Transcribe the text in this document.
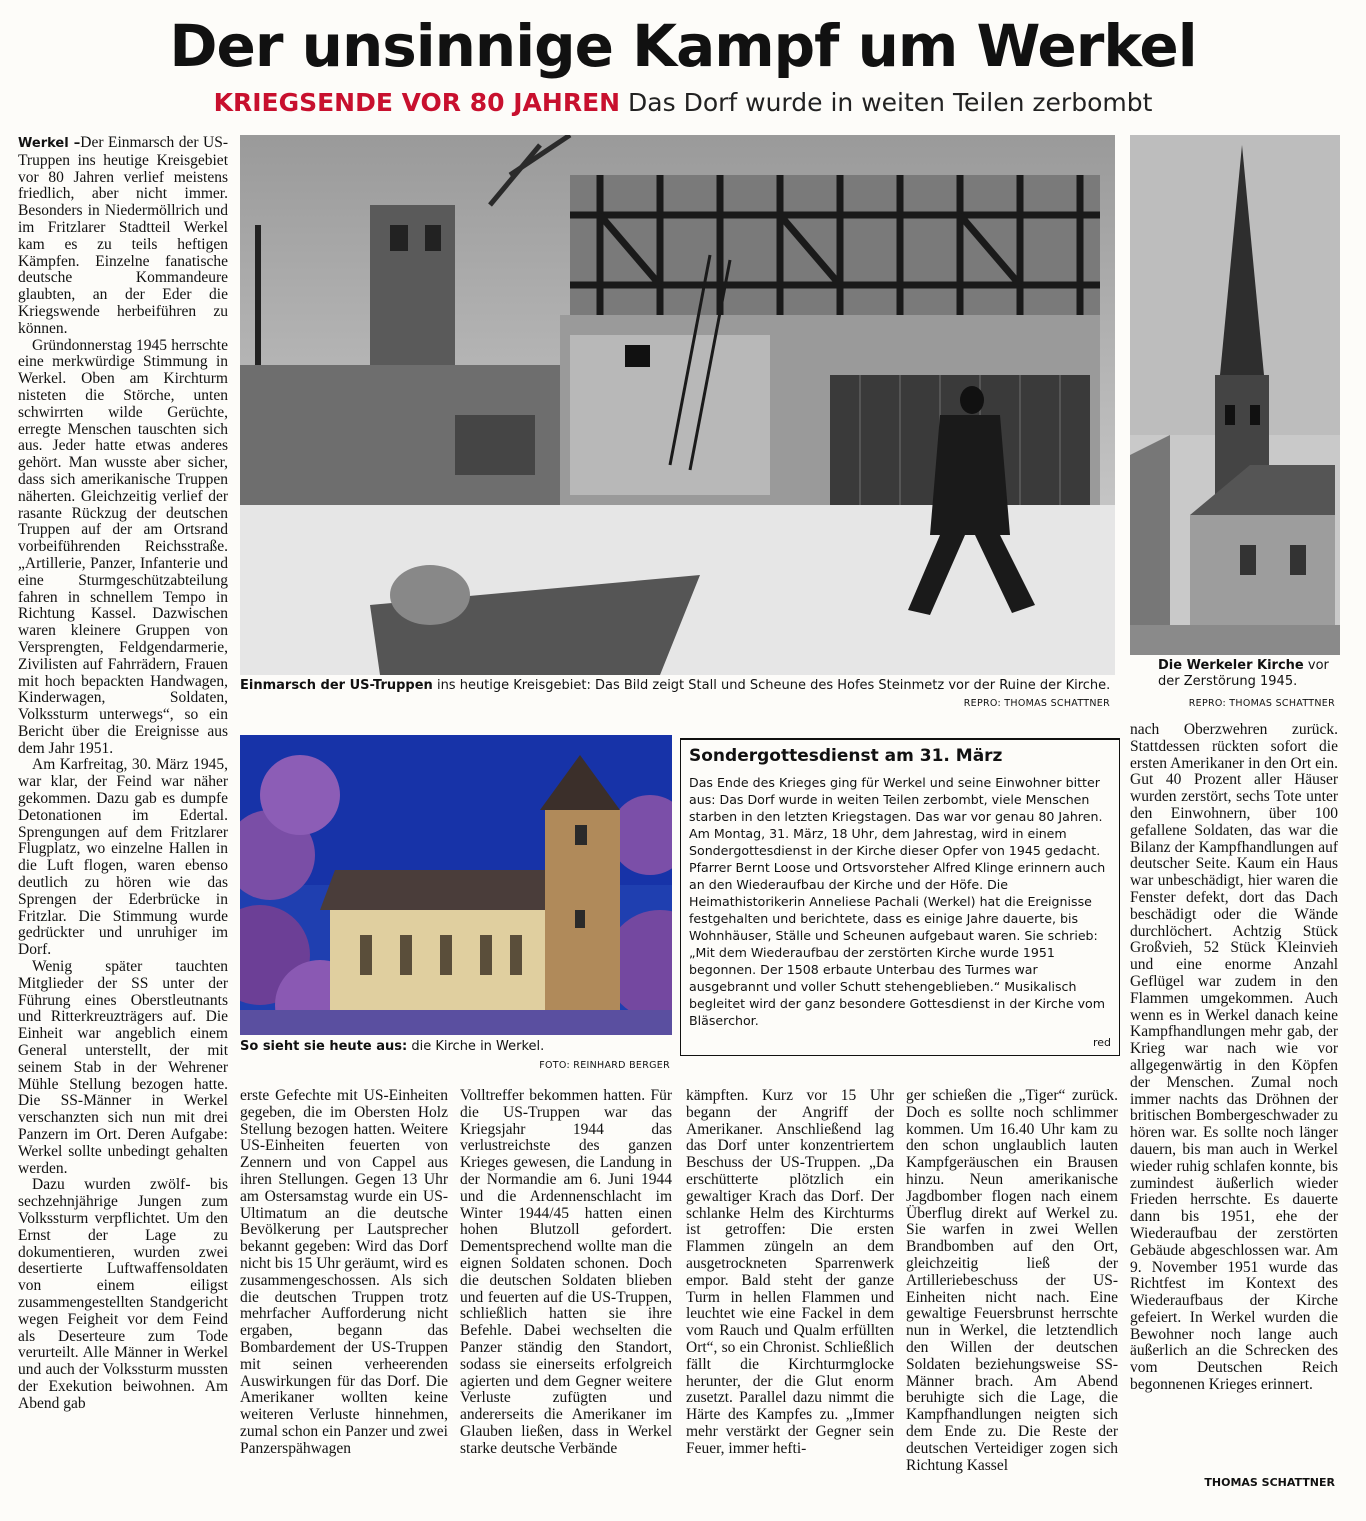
Der unsinnige Kampf um Werkel
KRIEGSENDE VOR 80 JAHREN Das Dorf wurde in weiten Teilen zerbombt

Werkel –Der Einmarsch der US-Truppen ins heutige Kreisgebiet vor 80 Jahren verlief meistens friedlich, aber nicht immer. Besonders in Niedermöllrich und im Fritzlarer Stadtteil Werkel kam es zu teils heftigen Kämpfen. Einzelne fanatische deutsche Kommandeure glaubten, an der Eder die Kriegswende herbeiführen zu können.

Gründonnerstag 1945 herrschte eine merkwürdige Stimmung in Werkel. Oben am Kirchturm nisteten die Störche, unten schwirrten wilde Gerüchte, erregte Menschen tauschten sich aus. Jeder hatte etwas anderes gehört. Man wusste aber sicher, dass sich amerikanische Truppen näherten. Gleichzeitig verlief der rasante Rückzug der deutschen Truppen auf der am Ortsrand vorbeiführenden Reichsstraße. „Artillerie, Panzer, Infanterie und eine Sturmgeschützabteilung fahren in schnellem Tempo in Richtung Kassel. Dazwischen waren kleinere Gruppen von Versprengten, Feldgendarmerie, Zivilisten auf Fahrrädern, Frauen mit hoch bepackten Handwagen, Kinderwagen, Soldaten, Volkssturm unterwegs“, so ein Bericht über die Ereignisse aus dem Jahr 1951.

Am Karfreitag, 30. März 1945, war klar, der Feind war näher gekommen. Dazu gab es dumpfe Detonationen im Edertal. Sprengungen auf dem Fritzlarer Flugplatz, wo einzelne Hallen in die Luft flogen, waren ebenso deutlich zu hören wie das Sprengen der Ederbrücke in Fritzlar. Die Stimmung wurde gedrückter und unruhiger im Dorf.

Wenig später tauchten Mitglieder der SS unter der Führung eines Oberstleutnants und Ritterkreuzträgers auf. Die Einheit war angeblich einem General unterstellt, der mit seinem Stab in der Wehrener Mühle Stellung bezogen hatte. Die SS-Männer in Werkel verschanzten sich nun mit drei Panzern im Ort. Deren Aufgabe: Werkel sollte unbedingt gehalten werden.

Dazu wurden zwölf- bis sechzehnjährige Jungen zum Volkssturm verpflichtet. Um den Ernst der Lage zu dokumentieren, wurden zwei desertierte Luftwaffensoldaten von einem eiligst zusammengestellten Standgericht wegen Feigheit vor dem Feind als Deserteure zum Tode verurteilt. Alle Männer in Werkel und auch der Volkssturm mussten der Exekution beiwohnen. Am Abend gab

Einmarsch der US-Truppen ins heutige Kreisgebiet: Das Bild zeigt Stall und Scheune des Hofes Steinmetz vor der Ruine der Kirche.
REPRO: THOMAS SCHATTNER
Die Werkeler Kirche vor der Zerstörung 1945.
REPRO: THOMAS SCHATTNER
So sieht sie heute aus: die Kirche in Werkel.
FOTO: REINHARD BERGER
Sondergottesdienst am 31. März
Das Ende des Krieges ging für Werkel und seine Einwohner bitter aus: Das Dorf wurde in weiten Teilen zerbombt, viele Menschen starben in den letzten Kriegstagen. Das war vor genau 80 Jahren. Am Montag, 31. März, 18 Uhr, dem Jahrestag, wird in einem Sondergottesdienst in der Kirche dieser Opfer von 1945 gedacht. Pfarrer Bernt Loose und Ortsvorsteher Alfred Klinge erinnern auch an den Wiederaufbau der Kirche und der Höfe. Die Heimathistorikerin Anneliese Pachali (Werkel) hat die Ereignisse festgehalten und berichtete, dass es einige Jahre dauerte, bis Wohnhäuser, Ställe und Scheunen aufgebaut waren. Sie schrieb: „Mit dem Wiederaufbau der zerstörten Kirche wurde 1951 begonnen. Der 1508 erbaute Unterbau des Turmes war ausgebrannt und voller Schutt stehengeblieben.“ Musikalisch begleitet wird der ganz besondere Gottesdienst in der Kirche vom Bläserchor.
red

erste Gefechte mit US-Einheiten gegeben, die im Obersten Holz Stellung bezogen hatten. Weitere US-Einheiten feuerten von Zennern und von Cappel aus ihren Stellungen. Gegen 13 Uhr am Ostersamstag wurde ein US-Ultimatum an die deutsche Bevölkerung per Lautsprecher bekannt gegeben: Wird das Dorf nicht bis 15 Uhr geräumt, wird es zusammengeschossen. Als sich die deutschen Truppen trotz mehrfacher Aufforderung nicht ergaben, begann das Bombardement der US-Truppen mit seinen verheerenden Auswirkungen für das Dorf. Die Amerikaner wollten keine weiteren Verluste hinnehmen, zumal schon ein Panzer und zwei Panzerspähwagen

Volltreffer bekommen hatten. Für die US-Truppen war das Kriegsjahr 1944 das verlustreichste des ganzen Krieges gewesen, die Landung in der Normandie am 6. Juni 1944 und die Ardennenschlacht im Winter 1944/45 hatten einen hohen Blutzoll gefordert. Dementsprechend wollte man die eignen Soldaten schonen. Doch die deutschen Soldaten blieben und feuerten auf die US-Truppen, schließlich hatten sie ihre Befehle. Dabei wechselten die Panzer ständig den Standort, sodass sie einerseits erfolgreich agierten und dem Gegner weitere Verluste zufügten und andererseits die Amerikaner im Glauben ließen, dass in Werkel starke deutsche Verbände

kämpften. Kurz vor 15 Uhr begann der Angriff der Amerikaner. Anschließend lag das Dorf unter konzentriertem Beschuss der US-Truppen. „Da erschütterte plötzlich ein gewaltiger Krach das Dorf. Der schlanke Helm des Kirchturms ist getroffen: Die ersten Flammen züngeln an dem ausgetrockneten Sparrenwerk empor. Bald steht der ganze Turm in hellen Flammen und leuchtet wie eine Fackel in dem vom Rauch und Qualm erfüllten Ort“, so ein Chronist. Schließlich fällt die Kirchturmglocke herunter, der die Glut enorm zusetzt. Parallel dazu nimmt die Härte des Kampfes zu. „Immer mehr verstärkt der Gegner sein Feuer, immer hefti-

ger schießen die „Tiger“ zurück. Doch es sollte noch schlimmer kommen. Um 16.40 Uhr kam zu den schon unglaublich lauten Kampfgeräuschen ein Brausen hinzu. Neun amerikanische Jagdbomber flogen nach einem Überflug direkt auf Werkel zu. Sie warfen in zwei Wellen Brandbomben auf den Ort, gleichzeitig ließ der Artilleriebeschuss der US-Einheiten nicht nach. Eine gewaltige Feuersbrunst herrschte nun in Werkel, die letztendlich den Willen der deutschen Soldaten beziehungsweise SS-Männer brach. Am Abend beruhigte sich die Lage, die Kampfhandlungen neigten sich dem Ende zu. Die Reste der deutschen Verteidiger zogen sich Richtung Kassel

nach Oberzwehren zurück. Stattdessen rückten sofort die ersten Amerikaner in den Ort ein. Gut 40 Prozent aller Häuser wurden zerstört, sechs Tote unter den Einwohnern, über 100 gefallene Soldaten, das war die Bilanz der Kampfhandlungen auf deutscher Seite. Kaum ein Haus war unbeschädigt, hier waren die Fenster defekt, dort das Dach beschädigt oder die Wände durchlöchert. Achtzig Stück Großvieh, 52 Stück Kleinvieh und eine enorme Anzahl Geflügel war zudem in den Flammen umgekommen. Auch wenn es in Werkel danach keine Kampfhandlungen mehr gab, der Krieg war nach wie vor allgegenwärtig in den Köpfen der Menschen. Zumal noch immer nachts das Dröhnen der britischen Bombergeschwader zu hören war. Es sollte noch länger dauern, bis man auch in Werkel wieder ruhig schlafen konnte, bis zumindest äußerlich wieder Frieden herrschte. Es dauerte dann bis 1951, ehe der Wiederaufbau der zerstörten Gebäude abgeschlossen war. Am 9. November 1951 wurde das Richtfest im Kontext des Wiederaufbaus der Kirche gefeiert. In Werkel wurden die Bewohner noch lange auch äußerlich an die Schrecken des vom Deutschen Reich begonnenen Krieges erinnert.

THOMAS SCHATTNER
